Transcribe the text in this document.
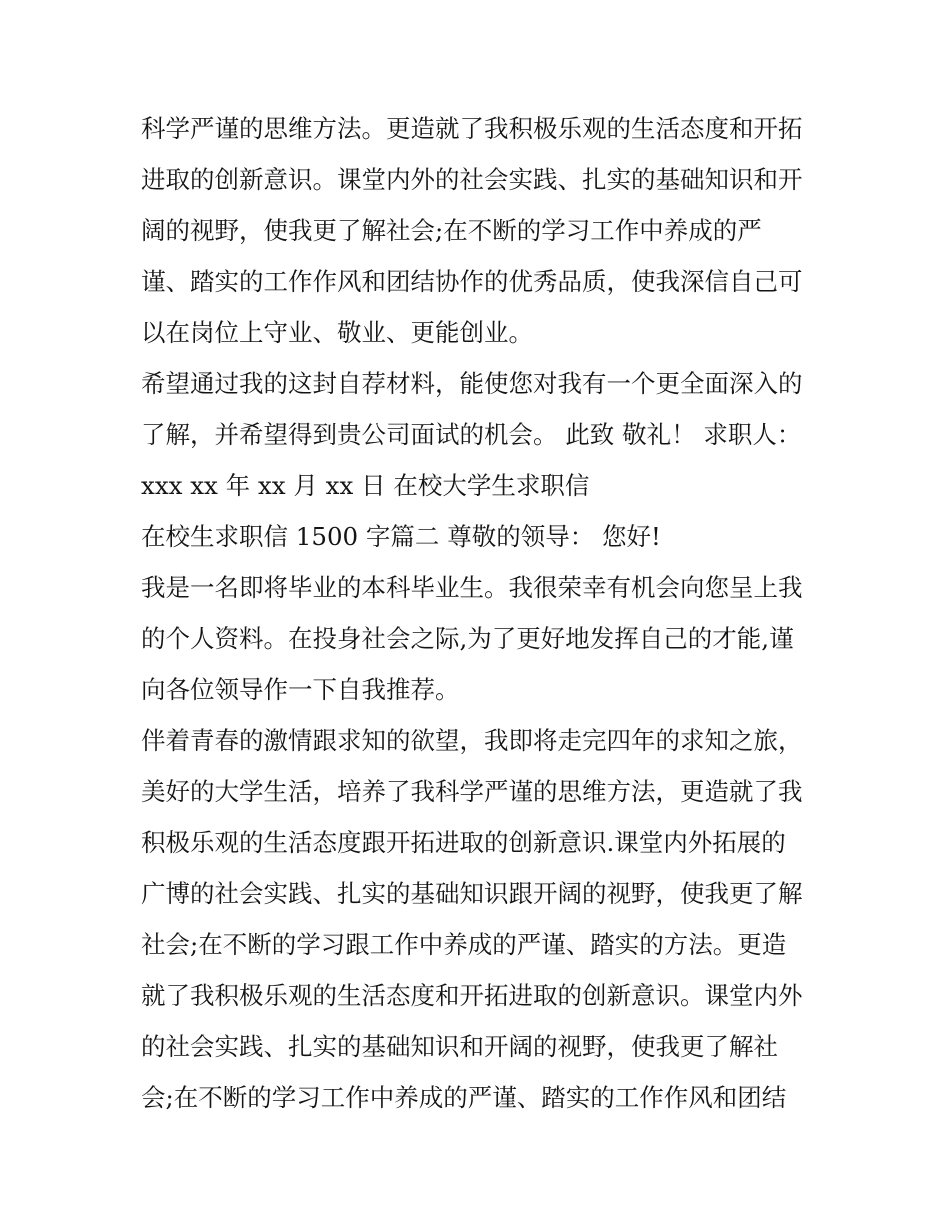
科学严谨的思维方法。更造就了我积极乐观的生活态度和开拓
进取的创新意识。课堂内外的社会实践、扎实的基础知识和开
阔的视野，使我更了解社会;在不断的学习工作中养成的严
谨、踏实的工作作风和团结协作的优秀品质，使我深信自己可
以在岗位上守业、敬业、更能创业。
希望通过我的这封自荐材料，能使您对我有一个更全面深入的
了解，并希望得到贵公司面试的机会。 此致 敬礼！ 求职人：
xxx xx 年 xx 月 xx 日 在校大学生求职信
在校生求职信 1500 字篇二 尊敬的领导： 您好!
我是一名即将毕业的本科毕业生。我很荣幸有机会向您呈上我
的个人资料。在投身社会之际,为了更好地发挥自己的才能,谨
向各位领导作一下自我推荐。
伴着青春的激情跟求知的欲望，我即将走完四年的求知之旅，
美好的大学生活，培养了我科学严谨的思维方法，更造就了我
积极乐观的生活态度跟开拓进取的创新意识.课堂内外拓展的
广博的社会实践、扎实的基础知识跟开阔的视野，使我更了解
社会;在不断的学习跟工作中养成的严谨、踏实的方法。更造
就了我积极乐观的生活态度和开拓进取的创新意识。课堂内外
的社会实践、扎实的基础知识和开阔的视野，使我更了解社
会;在不断的学习工作中养成的严谨、踏实的工作作风和团结
